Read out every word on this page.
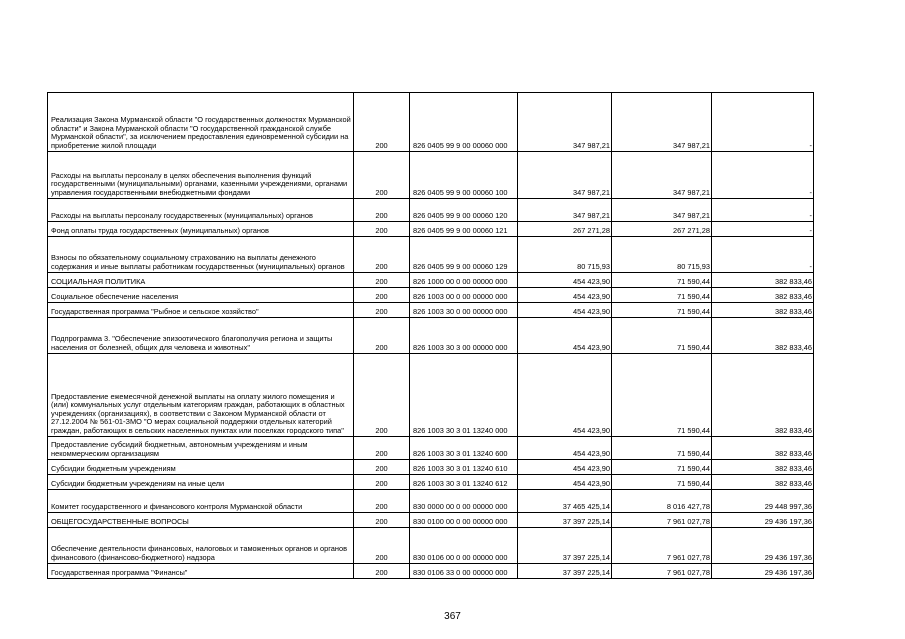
Реализация Закона Мурманской области "О государственных должностях Мурманской области" и Закона Мурманской области "О государственной гражданской службе Мурманской области", за исключением предоставления единовременной субсидии на приобретение жилой площади	200	826 0405 99 9 00 00060 000	347 987,21	347 987,21	-
Расходы на выплаты персоналу в целях обеспечения выполнения функций государственными (муниципальными) органами, казенными учреждениями, органами управления государственными внебюджетными фондами	200	826 0405 99 9 00 00060 100	347 987,21	347 987,21	-
Расходы на выплаты персоналу государственных (муниципальных) органов	200	826 0405 99 9 00 00060 120	347 987,21	347 987,21	-
Фонд оплаты труда государственных (муниципальных) органов	200	826 0405 99 9 00 00060 121	267 271,28	267 271,28	-
Взносы по обязательному социальному страхованию на выплаты денежного содержания и иные выплаты работникам государственных (муниципальных) органов	200	826 0405 99 9 00 00060 129	80 715,93	80 715,93	-
СОЦИАЛЬНАЯ ПОЛИТИКА	200	826 1000 00 0 00 00000 000	454 423,90	71 590,44	382 833,46
Социальное обеспечение населения	200	826 1003 00 0 00 00000 000	454 423,90	71 590,44	382 833,46
Государственная программа "Рыбное и сельское хозяйство"	200	826 1003 30 0 00 00000 000	454 423,90	71 590,44	382 833,46
Подпрограмма 3. "Обеспечение эпизоотического благополучия региона и защиты населения от болезней, общих для человека и животных"	200	826 1003 30 3 00 00000 000	454 423,90	71 590,44	382 833,46
Предоставление ежемесячной денежной выплаты на оплату жилого помещения и (или) коммунальных услуг отдельным категориям граждан, работающих в областных учреждениях (организациях), в соответствии с Законом Мурманской области от 27.12.2004 № 561-01-ЗМО "О мерах социальной поддержки отдельных категорий граждан, работающих в сельских населенных пунктах или поселках городского типа"	200	826 1003 30 3 01 13240 000	454 423,90	71 590,44	382 833,46
Предоставление субсидий бюджетным, автономным учреждениям и иным некоммерческим организациям	200	826 1003 30 3 01 13240 600	454 423,90	71 590,44	382 833,46
Субсидии бюджетным учреждениям	200	826 1003 30 3 01 13240 610	454 423,90	71 590,44	382 833,46
Субсидии бюджетным учреждениям на иные цели	200	826 1003 30 3 01 13240 612	454 423,90	71 590,44	382 833,46
Комитет государственного и финансового контроля Мурманской области	200	830 0000 00 0 00 00000 000	37 465 425,14	8 016 427,78	29 448 997,36
ОБЩЕГОСУДАРСТВЕННЫЕ ВОПРОСЫ	200	830 0100 00 0 00 00000 000	37 397 225,14	7 961 027,78	29 436 197,36
Обеспечение деятельности финансовых, налоговых и таможенных органов и органов финансового (финансово-бюджетного) надзора	200	830 0106 00 0 00 00000 000	37 397 225,14	7 961 027,78	29 436 197,36
Государственная программа "Финансы"	200	830 0106 33 0 00 00000 000	37 397 225,14	7 961 027,78	29 436 197,36
367
